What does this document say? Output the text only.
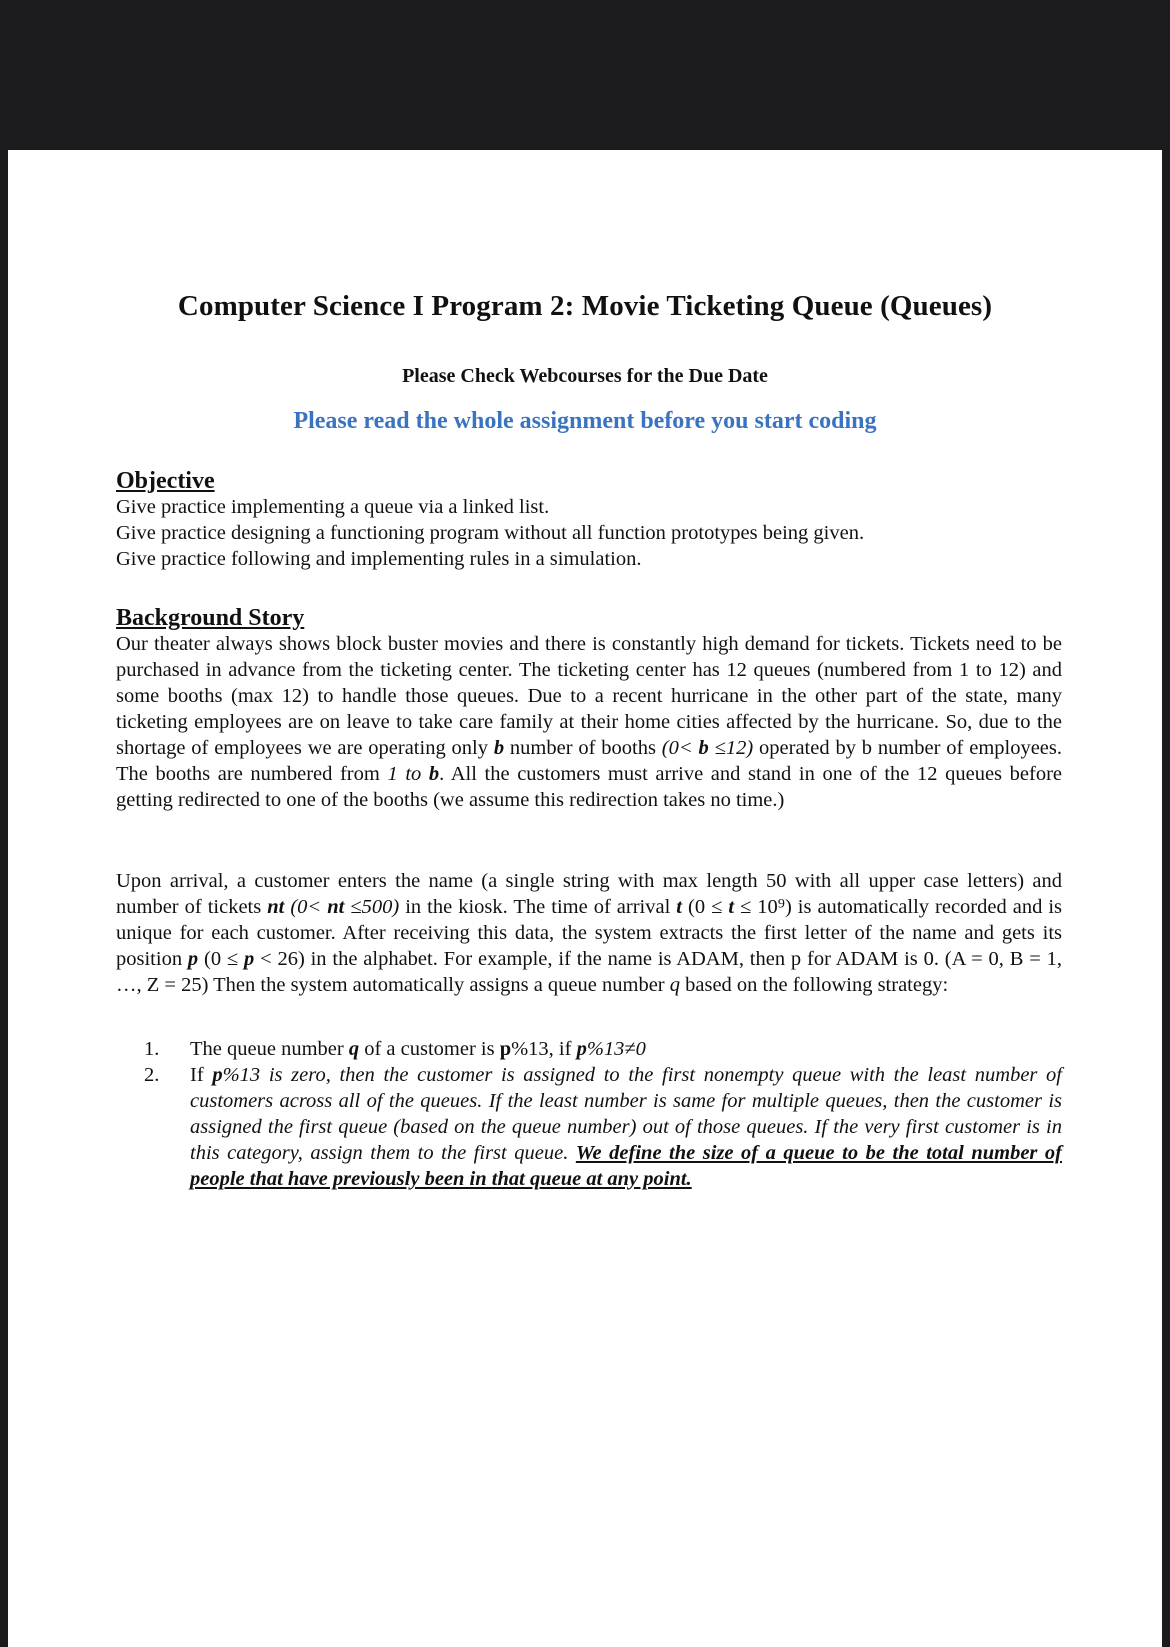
Computer Science I Program 2: Movie Ticketing Queue (Queues)
Please Check Webcourses for the Due Date
Please read the whole assignment before you start coding
Objective
Give practice implementing a queue via a linked list.
Give practice designing a functioning program without all function prototypes being given.
Give practice following and implementing rules in a simulation.
Background Story

Our theater always shows block buster movies and there is constantly high demand for tickets. Tickets need to be purchased in advance from the ticketing center. The ticketing center has 12 queues (numbered from 1 to 12) and some booths (max 12) to handle those queues. Due to a recent hurricane in the other part of the state, many ticketing employees are on leave to take care family at their home cities affected by the hurricane. So, due to the shortage of employees we are operating only b number of booths (0< b ≤12) operated by b number of employees. The booths are numbered from 1 to b. All the customers must arrive and stand in one of the 12 queues before getting redirected to one of the booths (we assume this redirection takes no time.)

Upon arrival, a customer enters the name (a single string with max length 50 with all upper case letters) and number of tickets nt (0< nt ≤500) in the kiosk. The time of arrival t (0 ≤ t ≤ 10⁹) is automatically recorded and is unique for each customer. After receiving this data, the system extracts the first letter of the name and gets its position p (0 ≤ p < 26) in the alphabet. For example, if the name is ADAM, then p for ADAM is 0. (A = 0, B = 1, …, Z = 25) Then the system automatically assigns a queue number q based on the following strategy:

1. The queue number q of a customer is p%13, if p%13≠0
2. If p%13 is zero, then the customer is assigned to the first nonempty queue with the least number of customers across all of the queues. If the least number is same for multiple queues, then the customer is assigned the first queue (based on the queue number) out of those queues. If the very first customer is in this category, assign them to the first queue. We define the size of a queue to be the total number of people that have previously been in that queue at any point.
